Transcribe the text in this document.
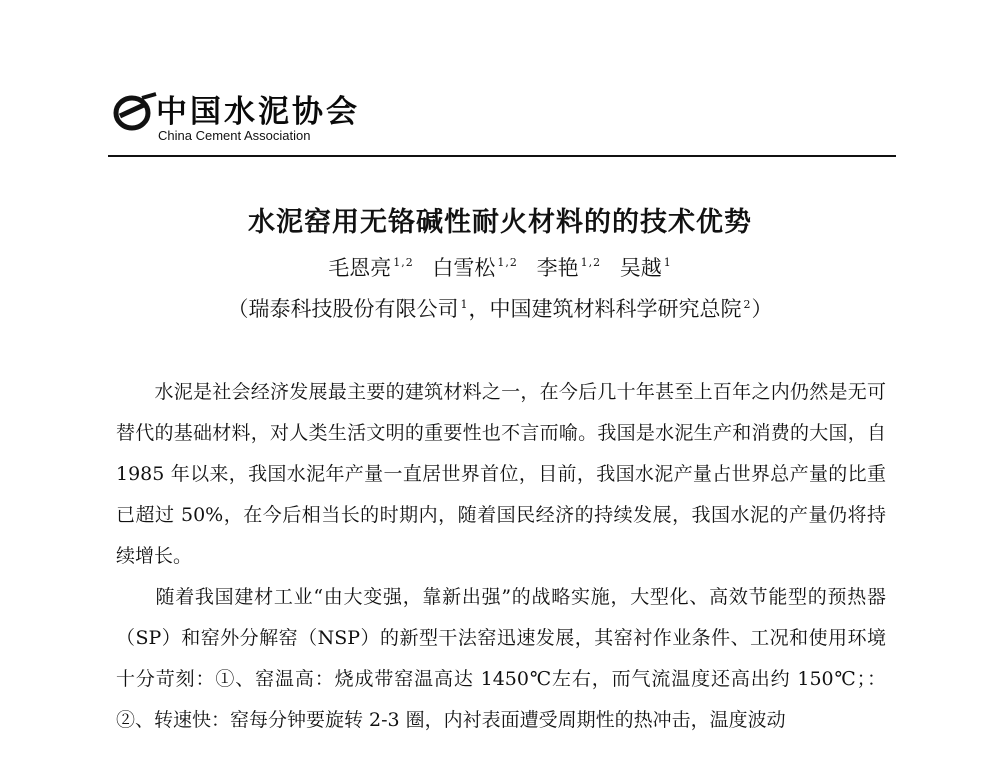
中国水泥协会
China Cement Association
水泥窑用无铬碱性耐火材料的的技术优势
毛恩亮 $^{1,2}$ 白雪松 $^{1,2}$ 李艳 $^{1,2}$ 吴越 $^1$
（瑞泰科技股份有限公司 $^1$，中国建筑材料科学研究总院 $^2$）

　　水泥是社会经济发展最主要的建筑材料之一，在今后几十年甚至上百年之内仍然是无可替代的基础材料，对人类生活文明的重要性也不言而喻。我国是水泥生产和消费的大国，自 1985 年以来，我国水泥年产量一直居世界首位，目前，我国水泥产量占世界总产量的比重已超过 50%，在今后相当长的时期内，随着国民经济的持续发展，我国水泥的产量仍将持续增长。

　　随着我国建材工业“由大变强，靠新出强”的战略实施，大型化、高效节能型的预热器（SP）和窑外分解窑（NSP）的新型干法窑迅速发展，其窑衬作业条件、工况和使用环境十分苛刻：①、窑温高：烧成带窑温高达 1450℃左右，而气流温度还高出约 150℃；：②、转速快：窑每分钟要旋转 2-3 圈，内衬表面遭受周期性的热冲击，温度波动
